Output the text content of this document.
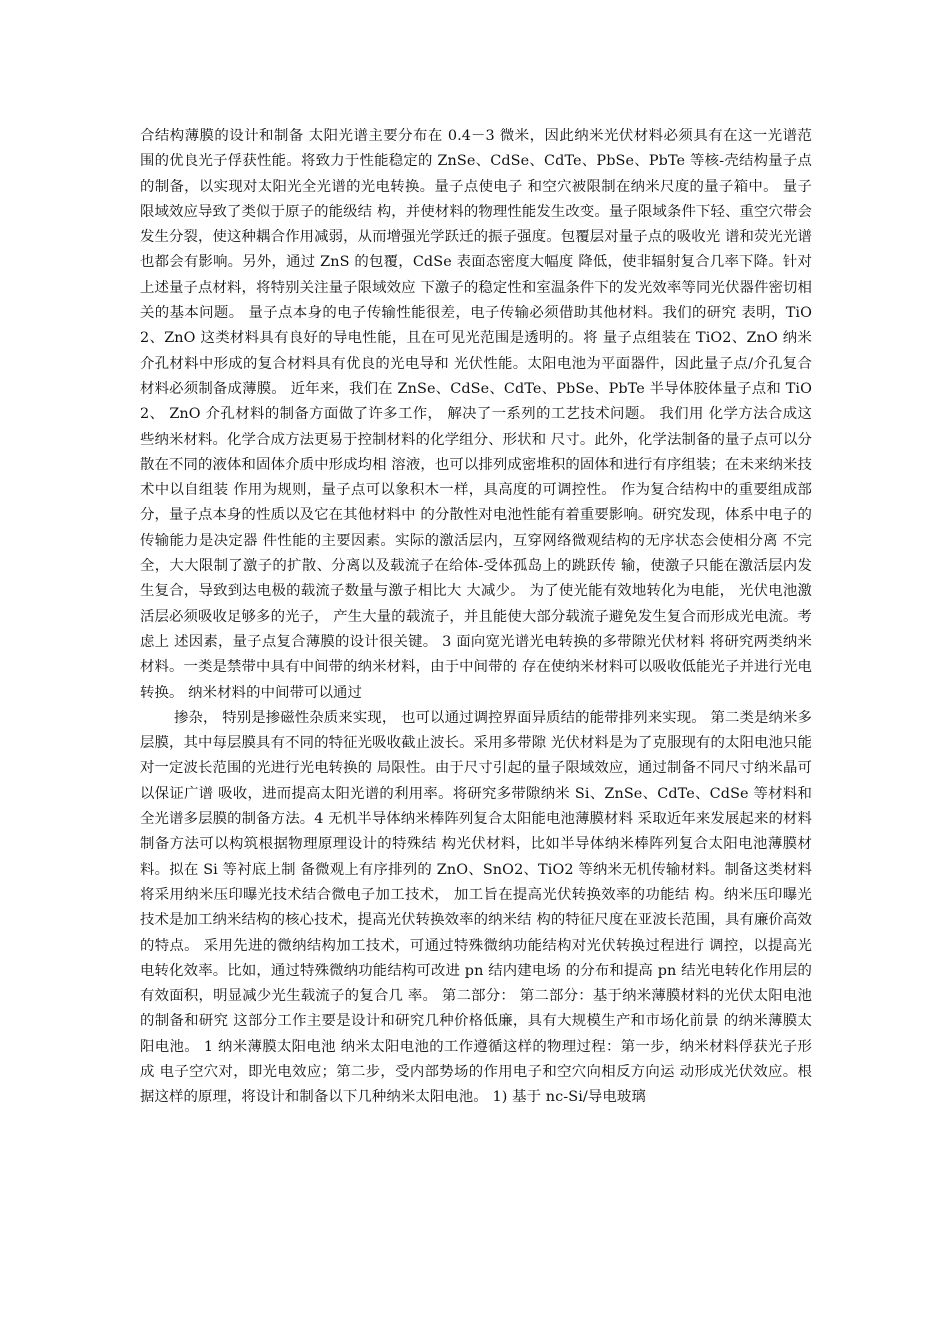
合结构薄膜的设计和制备 太阳光谱主要分布在 0.4－3 微米，因此纳米光伏材料必须具有在这一光谱范 围的优良光子俘获性能。将致力于性能稳定的 ZnSe、CdSe、CdTe、PbSe、PbTe 等核-壳结构量子点的制备，以实现对太阳光全光谱的光电转换。量子点使电子 和空穴被限制在纳米尺度的量子箱中。 量子限域效应导致了类似于原子的能级结 构，并使材料的物理性能发生改变。量子限域条件下轻、重空穴带会发生分裂，使这种耦合作用减弱，从而增强光学跃迁的振子强度。包覆层对量子点的吸收光 谱和荧光光谱也都会有影响。另外，通过 ZnS 的包覆，CdSe 表面态密度大幅度 降低，使非辐射复合几率下降。针对上述量子点材料，将特别关注量子限域效应 下激子的稳定性和室温条件下的发光效率等同光伏器件密切相关的基本问题。 量子点本身的电子传输性能很差，电子传输必须借助其他材料。我们的研究 表明，TiO2、ZnO 这类材料具有良好的导电性能，且在可见光范围是透明的。将 量子点组装在 TiO2、ZnO 纳米介孔材料中形成的复合材料具有优良的光电导和 光伏性能。太阳电池为平面器件，因此量子点/介孔复合材料必须制备成薄膜。 近年来，我们在 ZnSe、CdSe、CdTe、PbSe、PbTe 半导体胶体量子点和 TiO2、 ZnO 介孔材料的制备方面做了许多工作， 解决了一系列的工艺技术问题。 我们用 化学方法合成这些纳米材料。化学合成方法更易于控制材料的化学组分、形状和 尺寸。此外，化学法制备的量子点可以分散在不同的液体和固体介质中形成均相 溶液，也可以排列成密堆积的固体和进行有序组装；在未来纳米技术中以自组装 作用为规则，量子点可以象积木一样，具高度的可调控性。 作为复合结构中的重要组成部分，量子点本身的性质以及它在其他材料中 的分散性对电池性能有着重要影响。研究发现，体系中电子的传输能力是决定器 件性能的主要因素。实际的激活层内，互穿网络微观结构的无序状态会使相分离 不完全，大大限制了激子的扩散、分离以及载流子在给体-受体孤岛上的跳跃传 输，使激子只能在激活层内发生复合，导致到达电极的载流子数量与激子相比大 大减少。 为了使光能有效地转化为电能， 光伏电池激活层必须吸收足够多的光子， 产生大量的载流子，并且能使大部分载流子避免发生复合而形成光电流。考虑上 述因素，量子点复合薄膜的设计很关键。 3 面向宽光谱光电转换的多带隙光伏材料 将研究两类纳米材料。一类是禁带中具有中间带的纳米材料，由于中间带的 存在使纳米材料可以吸收低能光子并进行光电转换。 纳米材料的中间带可以通过

掺杂， 特别是掺磁性杂质来实现， 也可以通过调控界面异质结的能带排列来实现。 第二类是纳米多层膜，其中每层膜具有不同的特征光吸收截止波长。采用多带隙 光伏材料是为了克服现有的太阳电池只能对一定波长范围的光进行光电转换的 局限性。由于尺寸引起的量子限域效应，通过制备不同尺寸纳米晶可以保证广谱 吸收，进而提高太阳光谱的利用率。将研究多带隙纳米 Si、ZnSe、CdTe、CdSe 等材料和全光谱多层膜的制备方法。4 无机半导体纳米棒阵列复合太阳能电池薄膜材料 采取近年来发展起来的材料制备方法可以构筑根据物理原理设计的特殊结 构光伏材料，比如半导体纳米棒阵列复合太阳电池薄膜材料。拟在 Si 等衬底上制 备微观上有序排列的 ZnO、SnO2、TiO2 等纳米无机传输材料。制备这类材料将采用纳米压印曝光技术结合微电子加工技术， 加工旨在提高光伏转换效率的功能结 构。纳米压印曝光技术是加工纳米结构的核心技术，提高光伏转换效率的纳米结 构的特征尺度在亚波长范围，具有廉价高效的特点。 采用先进的微纳结构加工技术，可通过特殊微纳功能结构对光伏转换过程进行 调控，以提高光电转化效率。比如，通过特殊微纳功能结构可改进 pn 结内建电场 的分布和提高 pn 结光电转化作用层的有效面积，明显减少光生载流子的复合几 率。 第二部分： 第二部分：基于纳米薄膜材料的光伏太阳电池的制备和研究 这部分工作主要是设计和研究几种价格低廉，具有大规模生产和市场化前景 的纳米薄膜太阳电池。 1 纳米薄膜太阳电池 纳米太阳电池的工作遵循这样的物理过程：第一步，纳米材料俘获光子形成 电子空穴对，即光电效应；第二步，受内部势场的作用电子和空穴向相反方向运 动形成光伏效应。根据这样的原理，将设计和制备以下几种纳米太阳电池。 1) 基于 nc-Si/导电玻璃
